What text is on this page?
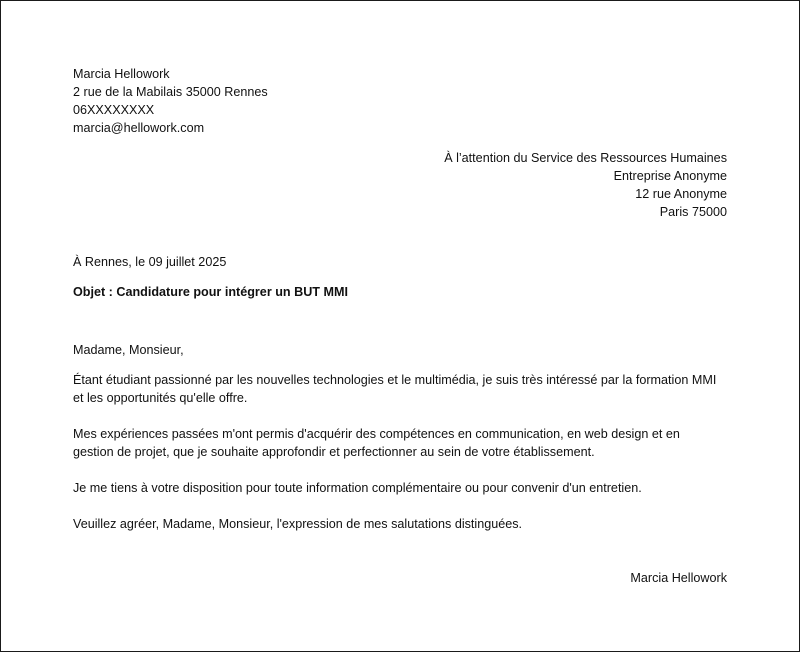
Marcia Hellowork

2 rue de la Mabilais 35000 Rennes

06XXXXXXXX

marcia@hellowork.com

À l’attention du Service des Ressources Humaines

Entreprise Anonyme

12 rue Anonyme

Paris 75000

À Rennes, le 09 juillet 2025

Objet : Candidature pour intégrer un BUT MMI

Madame, Monsieur,

Étant étudiant passionné par les nouvelles technologies et le multimédia, je suis très intéressé par la formation MMI

et les opportunités qu'elle offre.

Mes expériences passées m'ont permis d'acquérir des compétences en communication, en web design et en

gestion de projet, que je souhaite approfondir et perfectionner au sein de votre établissement.

Je me tiens à votre disposition pour toute information complémentaire ou pour convenir d'un entretien.

Veuillez agréer, Madame, Monsieur, l'expression de mes salutations distinguées.

Marcia Hellowork
